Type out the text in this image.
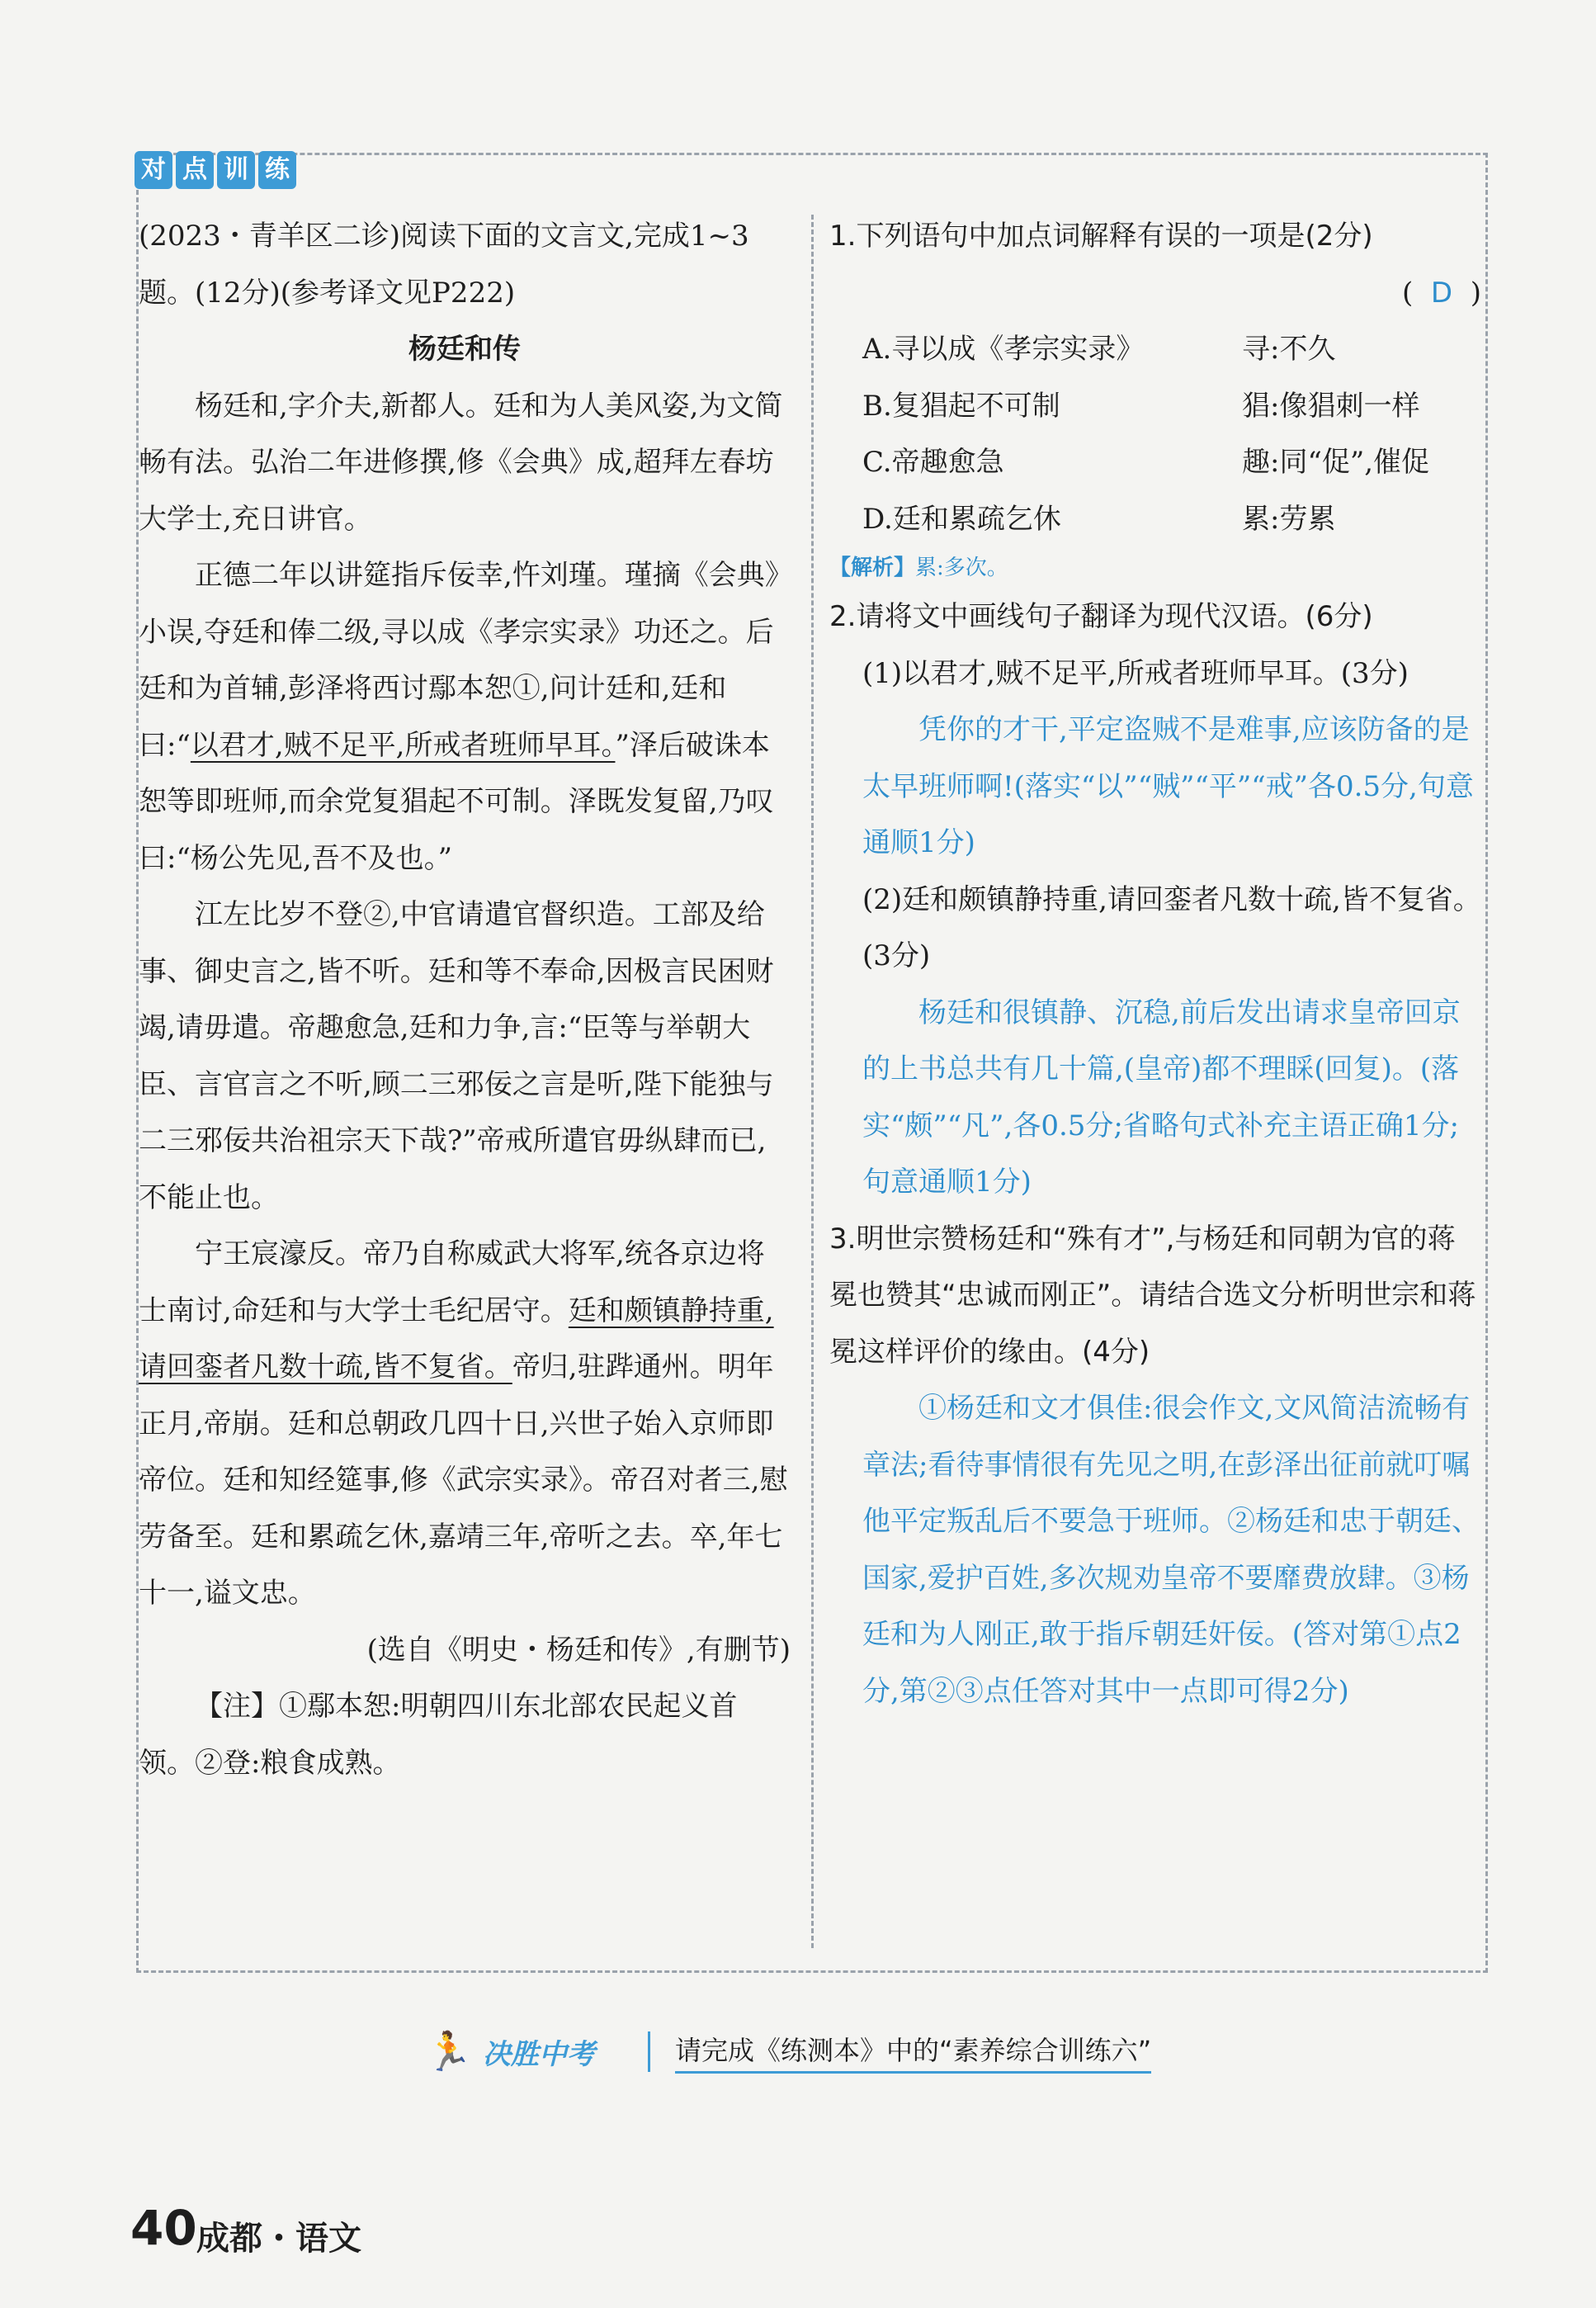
对 点 训 练

(2023・青羊区二诊)阅读下面的文言文,完成1~3题。(12分)(参考译文见P222)

杨廷和传

杨廷和,字介夫,新都人。廷和为人美风姿,为文简畅有法。弘治二年进修撰,修《会典》成,超拜左春坊大学士,充日讲官。

正德二年以讲筵指斥佞幸,忤刘瑾。瑾摘《会典》小误,夺廷和俸二级,寻以成《孝宗实录》功还之。后廷和为首辅,彭泽将西讨鄢本恕①,问计廷和,廷和曰:“以君才,贼不足平,所戒者班师早耳。”泽后破诛本恕等即班师,而余党复猖起不可制。泽既发复留,乃叹曰:“杨公先见,吾不及也。”

江左比岁不登②,中官请遣官督织造。工部及给事、御史言之,皆不听。廷和等不奉命,因极言民困财竭,请毋遣。帝趣愈急,廷和力争,言:“臣等与举朝大臣、言官言之不听,顾二三邪佞之言是听,陛下能独与二三邪佞共治祖宗天下哉?”帝戒所遣官毋纵肆而已,不能止也。

宁王宸濠反。帝乃自称威武大将军,统各京边将士南讨,命廷和与大学士毛纪居守。廷和颇镇静持重,请回銮者凡数十疏,皆不复省。帝归,驻跸通州。明年正月,帝崩。廷和总朝政几四十日,兴世子始入京师即帝位。廷和知经筵事,修《武宗实录》。帝召对者三,慰劳备至。廷和累疏乞休,嘉靖三年,帝听之去。卒,年七十一,谥文忠。

(选自《明史・杨廷和传》,有删节)

【注】①鄢本恕:明朝四川东北部农民起义首领。②登:粮食成熟。

1.下列语句中加点词解释有误的一项是(2分)

( D )

A.寻以成《孝宗实录》	寻:不久
B.复猖起不可制	猖:像猖刺一样
C.帝趣愈急	趣:同“促”,催促
D.廷和累疏乞休	累:劳累

【解析】累:多次。

2.请将文中画线句子翻译为现代汉语。(6分)

(1)以君才,贼不足平,所戒者班师早耳。(3分)

凭你的才干,平定盗贼不是难事,应该防备的是太早班师啊!(落实“以”“贼”“平”“戒”各0.5分,句意通顺1分)

(2)廷和颇镇静持重,请回銮者凡数十疏,皆不复省。(3分)

杨廷和很镇静、沉稳,前后发出请求皇帝回京的上书总共有几十篇,(皇帝)都不理睬(回复)。(落实“颇”“凡”,各0.5分;省略句式补充主语正确1分;句意通顺1分)

3.明世宗赞杨廷和“殊有才”,与杨廷和同朝为官的蒋冕也赞其“忠诚而刚正”。请结合选文分析明世宗和蒋冕这样评价的缘由。(4分)

①杨廷和文才俱佳:很会作文,文风简洁流畅有章法;看待事情很有先见之明,在彭泽出征前就叮嘱他平定叛乱后不要急于班师。②杨廷和忠于朝廷、国家,爱护百姓,多次规劝皇帝不要靡费放肆。③杨廷和为人刚正,敢于指斥朝廷奸佞。(答对第①点2分,第②③点任答对其中一点即可得2分)

🏃 决胜中考	请完成《练测本》中的“素养综合训练六”
40 成都・语文
